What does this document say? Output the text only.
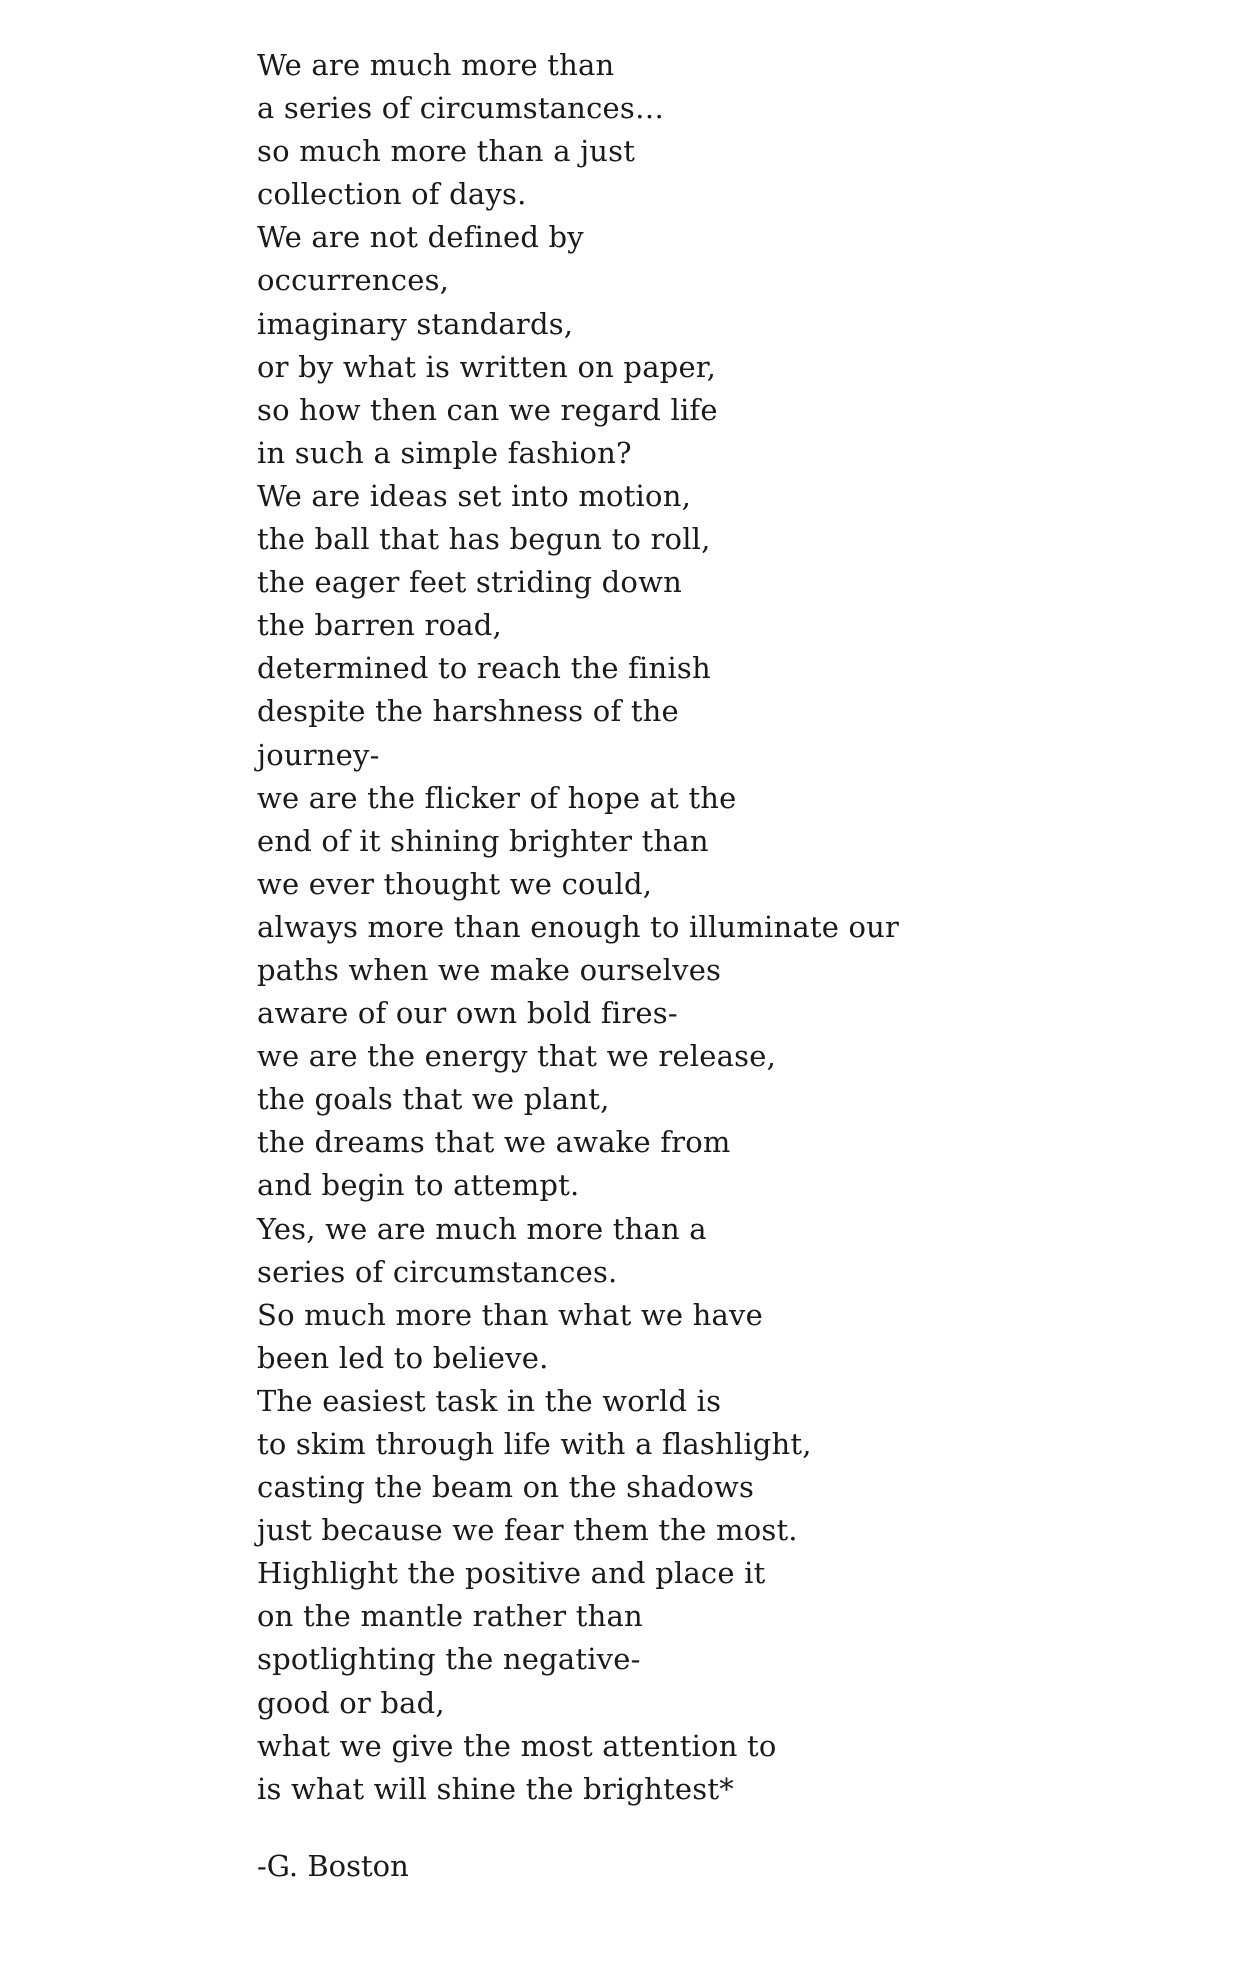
We are much more than
a series of circumstances…
so much more than a just
collection of days.
We are not defined by
occurrences,
imaginary standards,
or by what is written on paper,
so how then can we regard life
in such a simple fashion?
We are ideas set into motion,
the ball that has begun to roll,
the eager feet striding down
the barren road,
determined to reach the finish
despite the harshness of the
journey-
we are the flicker of hope at the
end of it shining brighter than
we ever thought we could,
always more than enough to illuminate our
paths when we make ourselves
aware of our own bold fires-
we are the energy that we release,
the goals that we plant,
the dreams that we awake from
and begin to attempt.
Yes, we are much more than a
series of circumstances.
So much more than what we have
been led to believe.
The easiest task in the world is
to skim through life with a flashlight,
casting the beam on the shadows
just because we fear them the most.
Highlight the positive and place it
on the mantle rather than
spotlighting the negative-
good or bad,
what we give the most attention to
is what will shine the brightest*
-G. Boston
